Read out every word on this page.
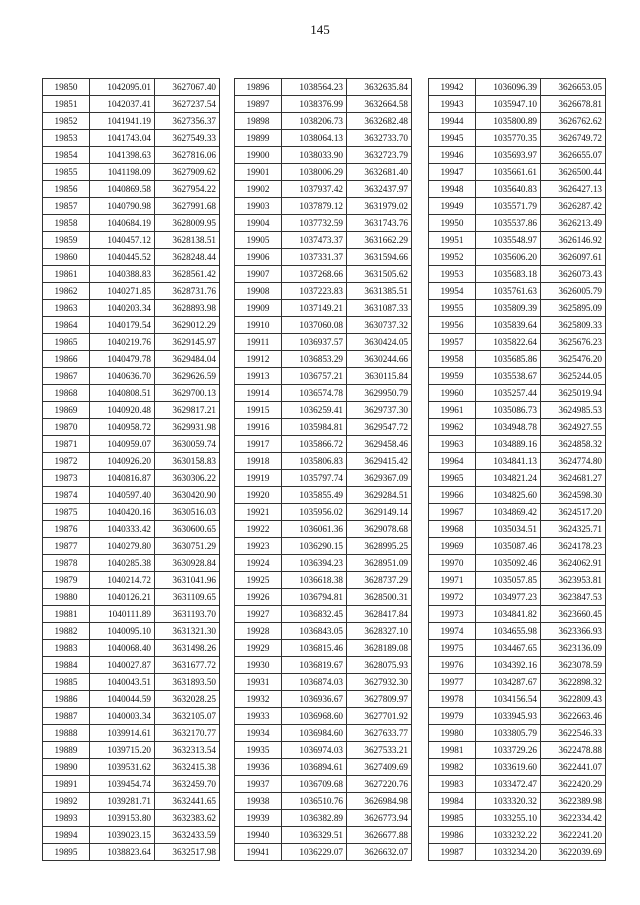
145
19850	1042095.01	3627067.40
19851	1042037.41	3627237.54
19852	1041941.19	3627356.37
19853	1041743.04	3627549.33
19854	1041398.63	3627816.06
19855	1041198.09	3627909.62
19856	1040869.58	3627954.22
19857	1040790.98	3627991.68
19858	1040684.19	3628009.95
19859	1040457.12	3628138.51
19860	1040445.52	3628248.44
19861	1040388.83	3628561.42
19862	1040271.85	3628731.76
19863	1040203.34	3628893.98
19864	1040179.54	3629012.29
19865	1040219.76	3629145.97
19866	1040479.78	3629484.04
19867	1040636.70	3629626.59
19868	1040808.51	3629700.13
19869	1040920.48	3629817.21
19870	1040958.72	3629931.98
19871	1040959.07	3630059.74
19872	1040926.20	3630158.83
19873	1040816.87	3630306.22
19874	1040597.40	3630420.90
19875	1040420.16	3630516.03
19876	1040333.42	3630600.65
19877	1040279.80	3630751.29
19878	1040285.38	3630928.84
19879	1040214.72	3631041.96
19880	1040126.21	3631109.65
19881	1040111.89	3631193.70
19882	1040095.10	3631321.30
19883	1040068.40	3631498.26
19884	1040027.87	3631677.72
19885	1040043.51	3631893.50
19886	1040044.59	3632028.25
19887	1040003.34	3632105.07
19888	1039914.61	3632170.77
19889	1039715.20	3632313.54
19890	1039531.62	3632415.38
19891	1039454.74	3632459.70
19892	1039281.71	3632441.65
19893	1039153.80	3632383.62
19894	1039023.15	3632433.59
19895	1038823.64	3632517.98
19896	1038564.23	3632635.84
19897	1038376.99	3632664.58
19898	1038206.73	3632682.48
19899	1038064.13	3632733.70
19900	1038033.90	3632723.79
19901	1038006.29	3632681.40
19902	1037937.42	3632437.97
19903	1037879.12	3631979.02
19904	1037732.59	3631743.76
19905	1037473.37	3631662.29
19906	1037331.37	3631594.66
19907	1037268.66	3631505.62
19908	1037223.83	3631385.51
19909	1037149.21	3631087.33
19910	1037060.08	3630737.32
19911	1036937.57	3630424.05
19912	1036853.29	3630244.66
19913	1036757.21	3630115.84
19914	1036574.78	3629950.79
19915	1036259.41	3629737.30
19916	1035984.81	3629547.72
19917	1035866.72	3629458.46
19918	1035806.83	3629415.42
19919	1035797.74	3629367.09
19920	1035855.49	3629284.51
19921	1035956.02	3629149.14
19922	1036061.36	3629078.68
19923	1036290.15	3628995.25
19924	1036394.23	3628951.09
19925	1036618.38	3628737.29
19926	1036794.81	3628500.31
19927	1036832.45	3628417.84
19928	1036843.05	3628327.10
19929	1036815.46	3628189.08
19930	1036819.67	3628075.93
19931	1036874.03	3627932.30
19932	1036936.67	3627809.97
19933	1036968.60	3627701.92
19934	1036984.60	3627633.77
19935	1036974.03	3627533.21
19936	1036894.61	3627409.69
19937	1036709.68	3627220.76
19938	1036510.76	3626984.98
19939	1036382.89	3626773.94
19940	1036329.51	3626677.88
19941	1036229.07	3626632.07
19942	1036096.39	3626653.05
19943	1035947.10	3626678.81
19944	1035800.89	3626762.62
19945	1035770.35	3626749.72
19946	1035693.97	3626655.07
19947	1035661.61	3626500.44
19948	1035640.83	3626427.13
19949	1035571.79	3626287.42
19950	1035537.86	3626213.49
19951	1035548.97	3626146.92
19952	1035606.20	3626097.61
19953	1035683.18	3626073.43
19954	1035761.63	3626005.79
19955	1035809.39	3625895.09
19956	1035839.64	3625809.33
19957	1035822.64	3625676.23
19958	1035685.86	3625476.20
19959	1035538.67	3625244.05
19960	1035257.44	3625019.94
19961	1035086.73	3624985.53
19962	1034948.78	3624927.55
19963	1034889.16	3624858.32
19964	1034841.13	3624774.80
19965	1034821.24	3624681.27
19966	1034825.60	3624598.30
19967	1034869.42	3624517.20
19968	1035034.51	3624325.71
19969	1035087.46	3624178.23
19970	1035092.46	3624062.91
19971	1035057.85	3623953.81
19972	1034977.23	3623847.53
19973	1034841.82	3623660.45
19974	1034655.98	3623366.93
19975	1034467.65	3623136.09
19976	1034392.16	3623078.59
19977	1034287.67	3622898.32
19978	1034156.54	3622809.43
19979	1033945.93	3622663.46
19980	1033805.79	3622546.33
19981	1033729.26	3622478.88
19982	1033619.60	3622441.07
19983	1033472.47	3622420.29
19984	1033320.32	3622389.98
19985	1033255.10	3622334.42
19986	1033232.22	3622241.20
19987	1033234.20	3622039.69
